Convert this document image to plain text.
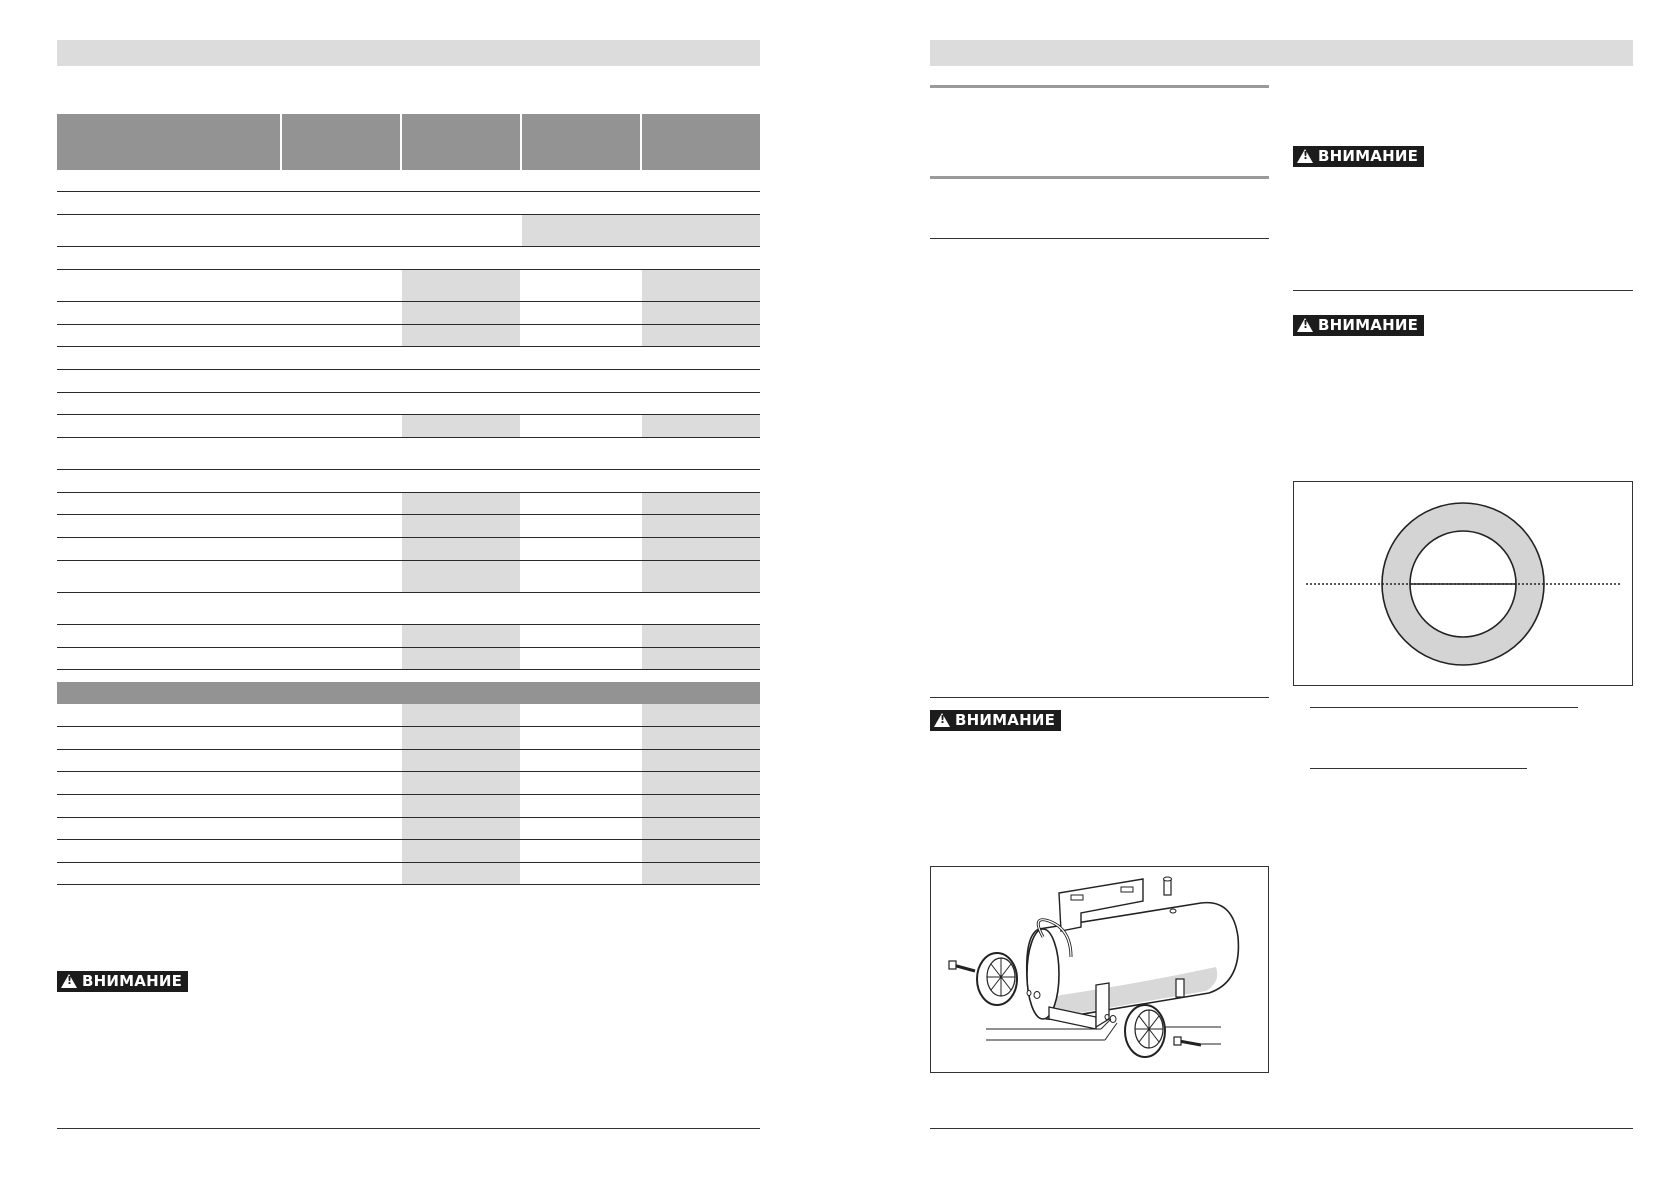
!
ВНИМАНИЕ
!
ВНИМАНИЕ
!
ВНИМАНИЕ
!
ВНИМАНИЕ
